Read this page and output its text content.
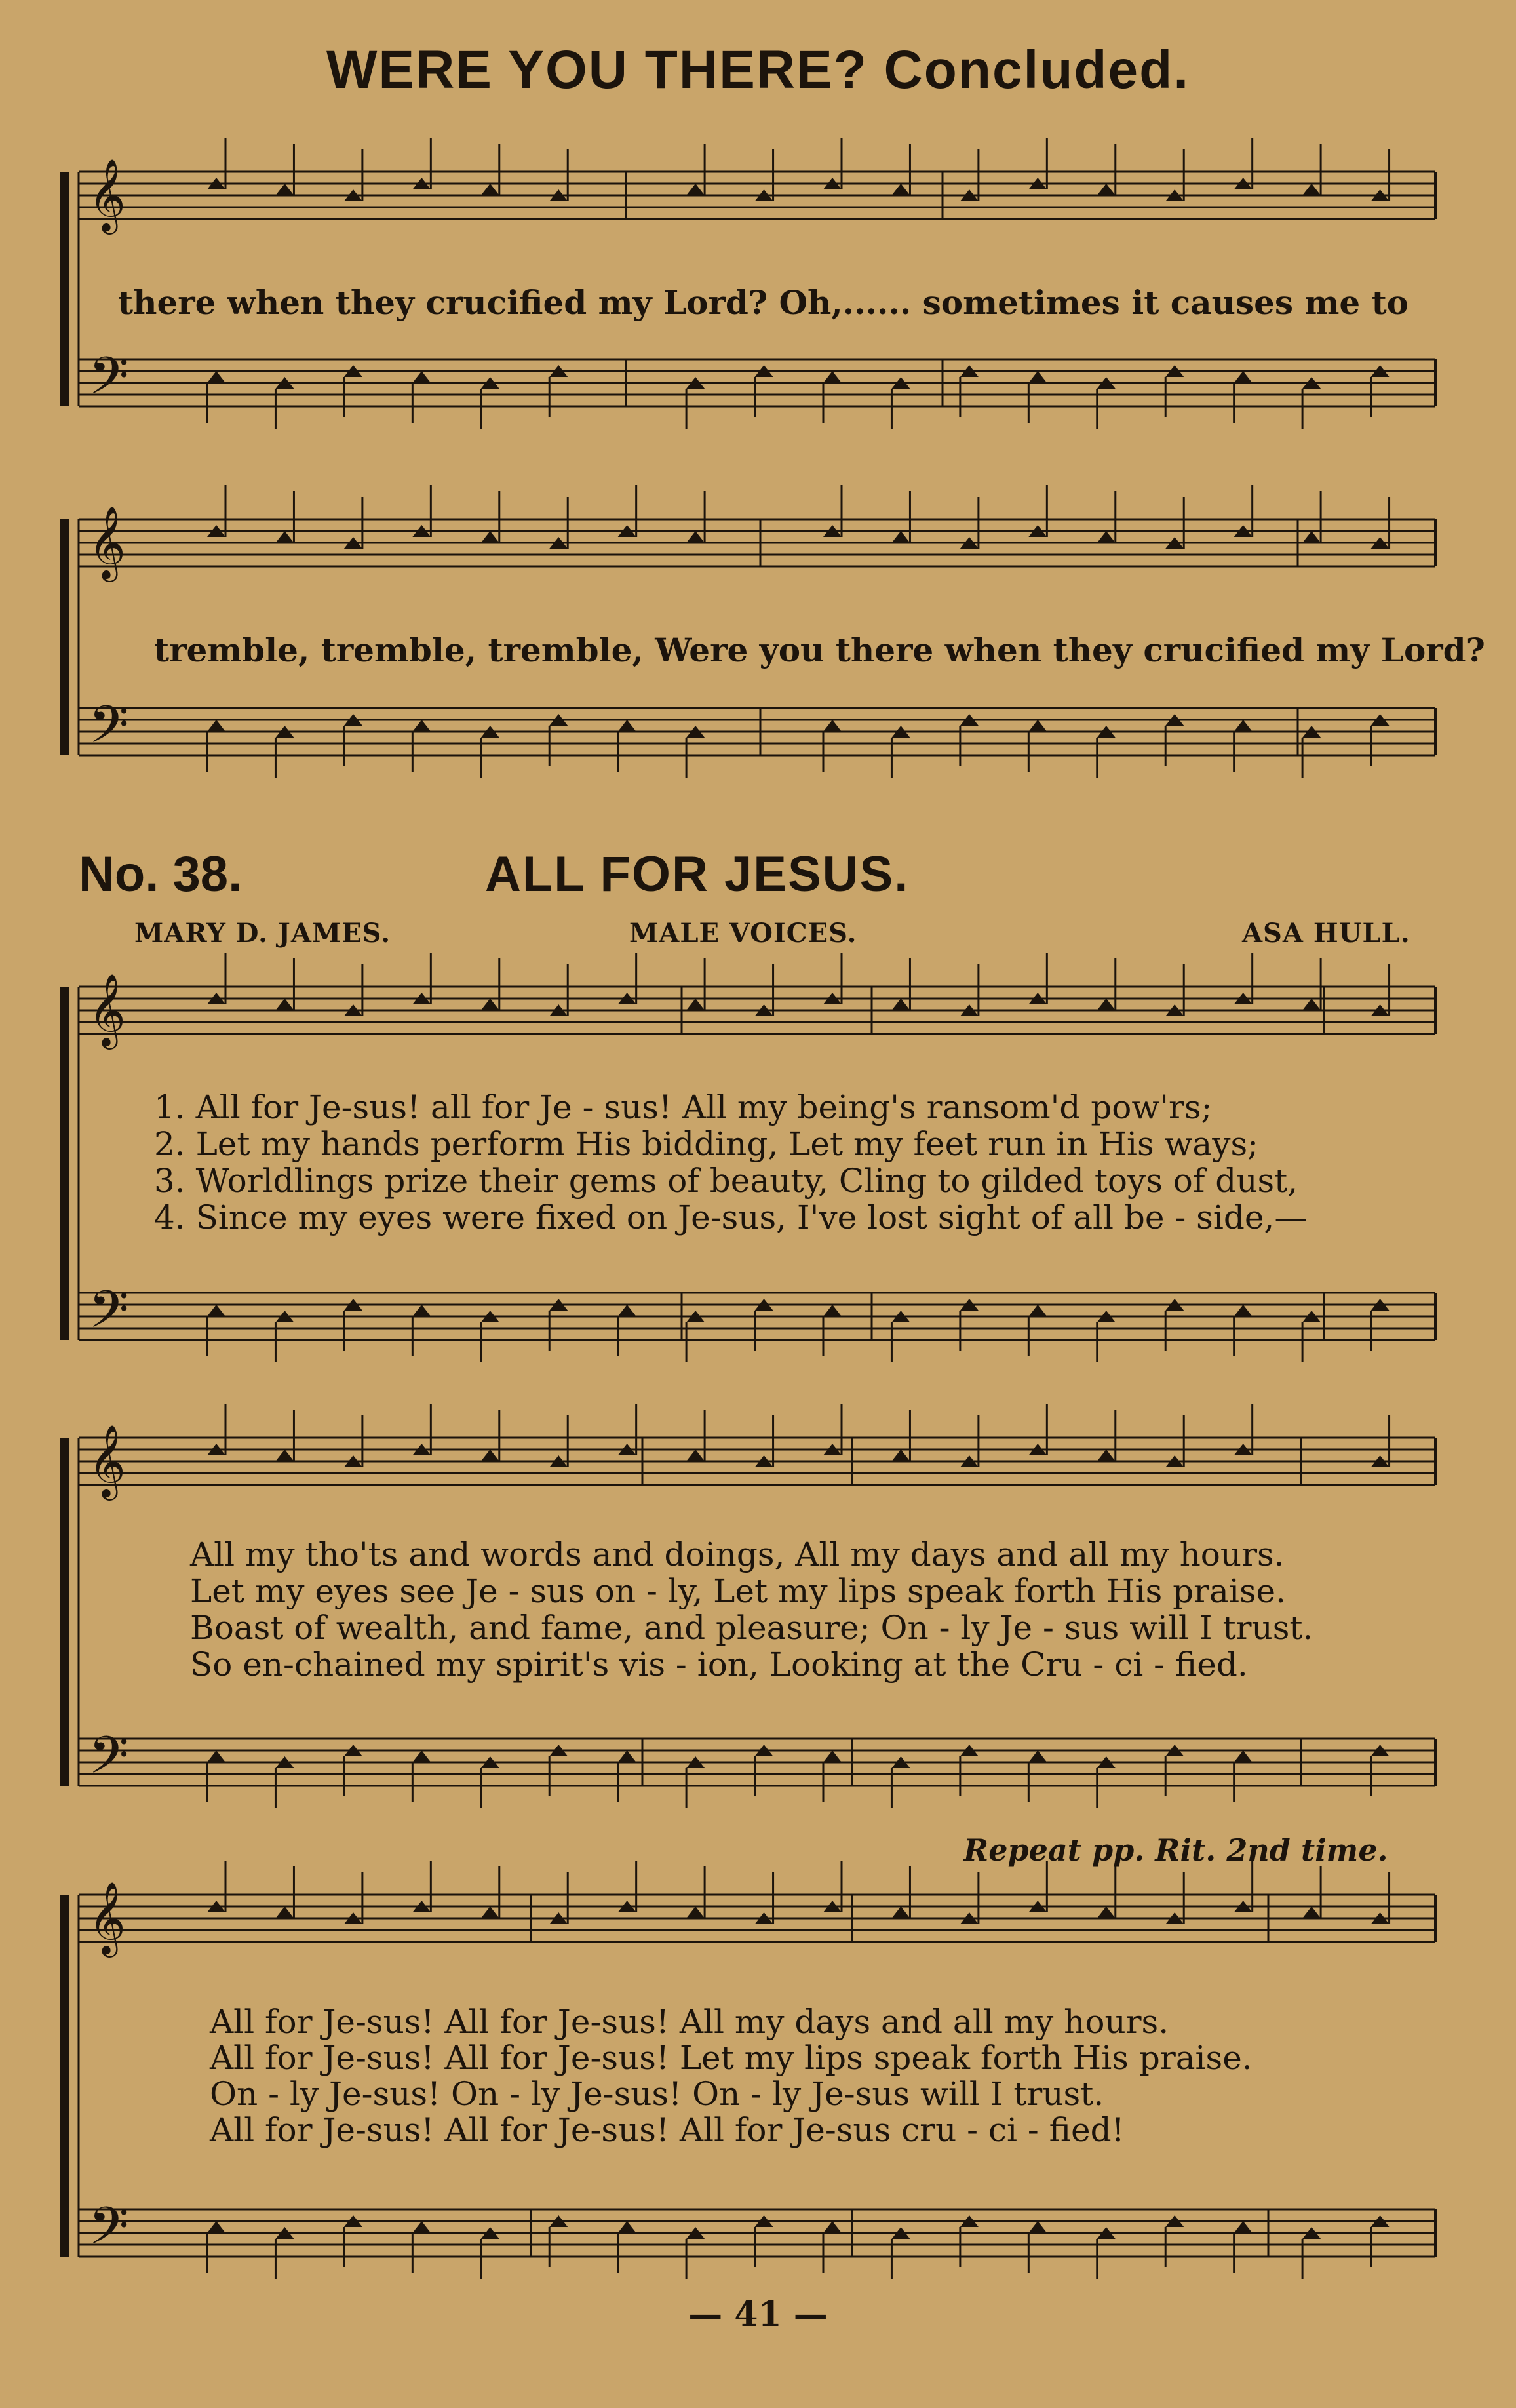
WERE YOU THERE? Concluded.
𝄞
𝄢
𝄞
𝄢
𝄞
𝄢
𝄞
𝄢
𝄞
𝄢
there when they crucified my Lord? Oh,...... sometimes it causes me to
tremble, tremble, tremble, Were you there when they crucified my Lord?
No. 38.	ALL FOR JESUS.
MARY D. JAMES.	MALE VOICES.	ASA HULL.
1. All for Je-sus! all for Je - sus! All my being's ransom'd pow'rs;
2. Let my hands perform His bidding, Let my feet run in His ways;
3. Worldlings prize their gems of beauty, Cling to gilded toys of dust,
4. Since my eyes were fixed on Je-sus, I've lost sight of all be - side,—
All my tho'ts and words and doings, All my days and all my hours.
Let my eyes see Je - sus on - ly, Let my lips speak forth His praise.
Boast of wealth, and fame, and pleasure; On - ly Je - sus will I trust.
So en-chained my spirit's vis - ion, Looking at the Cru - ci - fied.
Repeat pp. Rit. 2nd time.
All for Je-sus! All for Je-sus! All my days and all my hours.
All for Je-sus! All for Je-sus! Let my lips speak forth His praise.
On - ly Je-sus! On - ly Je-sus! On - ly Je-sus will I trust.
All for Je-sus! All for Je-sus! All for Je-sus cru - ci - fied!
— 41 —
